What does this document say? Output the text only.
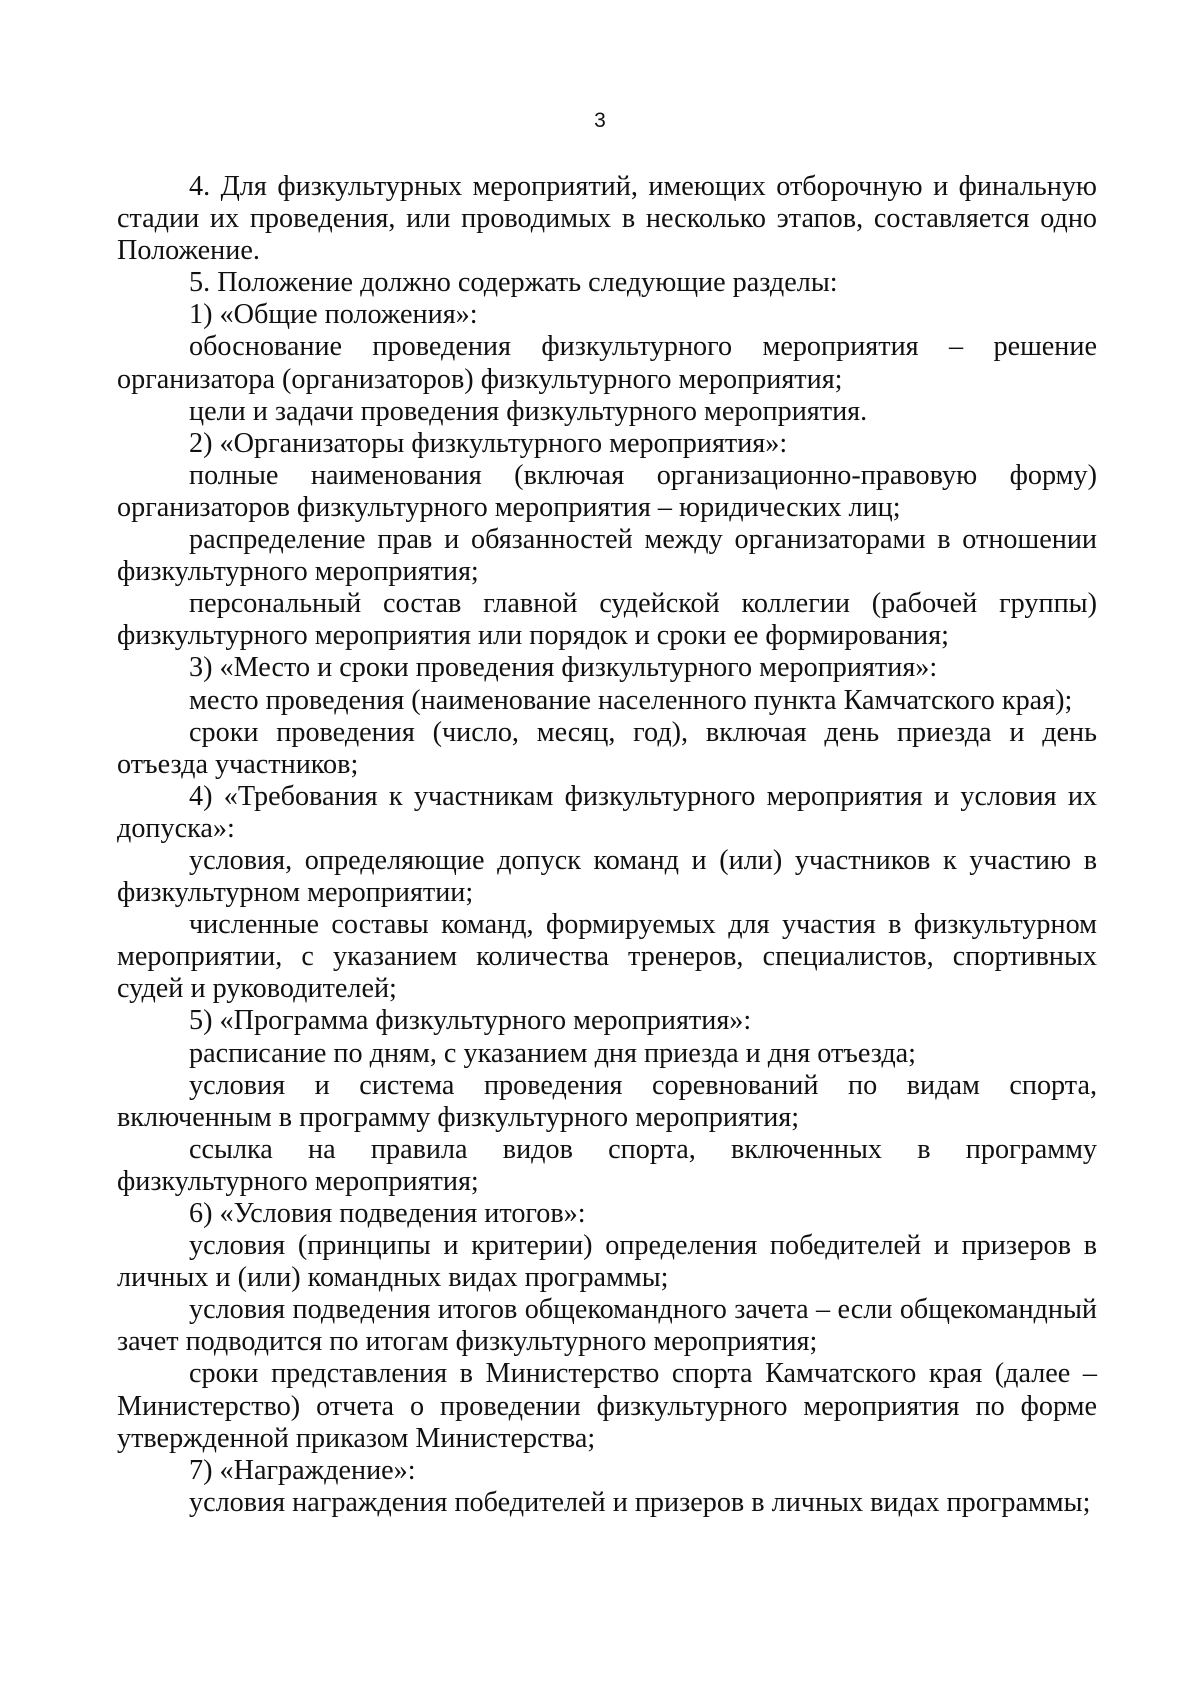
3

4. Для физкультурных мероприятий, имеющих отборочную и финальную стадии их проведения, или проводимых в несколько этапов, составляется одно Положение.

5. Положение должно содержать следующие разделы:

1) «Общие положения»:

обоснование проведения физкультурного мероприятия – решение организатора (организаторов) физкультурного мероприятия;

цели и задачи проведения физкультурного мероприятия.

2) «Организаторы физкультурного мероприятия»:

полные наименования (включая организационно-правовую форму) организаторов физкультурного мероприятия – юридических лиц;

распределение прав и обязанностей между организаторами в отношении физкультурного мероприятия;

персональный состав главной судейской коллегии (рабочей группы) физкультурного мероприятия или порядок и сроки ее формирования;

3) «Место и сроки проведения физкультурного мероприятия»:

место проведения (наименование населенного пункта Камчатского края);

сроки проведения (число, месяц, год), включая день приезда и день отъезда участников;

4) «Требования к участникам физкультурного мероприятия и условия их допуска»:

условия, определяющие допуск команд и (или) участников к участию в физкультурном мероприятии;

численные составы команд, формируемых для участия в физкультурном мероприятии, с указанием количества тренеров, специалистов, спортивных судей и руководителей;

5) «Программа физкультурного мероприятия»:

расписание по дням, с указанием дня приезда и дня отъезда;

условия и система проведения соревнований по видам спорта, включенным в программу физкультурного мероприятия;

ссылка на правила видов спорта, включенных в программу физкультурного мероприятия;

6) «Условия подведения итогов»:

условия (принципы и критерии) определения победителей и призеров в личных и (или) командных видах программы;

условия подведения итогов общекомандного зачета – если общекомандный зачет подводится по итогам физкультурного мероприятия;

сроки представления в Министерство спорта Камчатского края (далее – Министерство) отчета о проведении физкультурного мероприятия по форме утвержденной приказом Министерства;

7) «Награждение»:

условия награждения победителей и призеров в личных видах программы;
